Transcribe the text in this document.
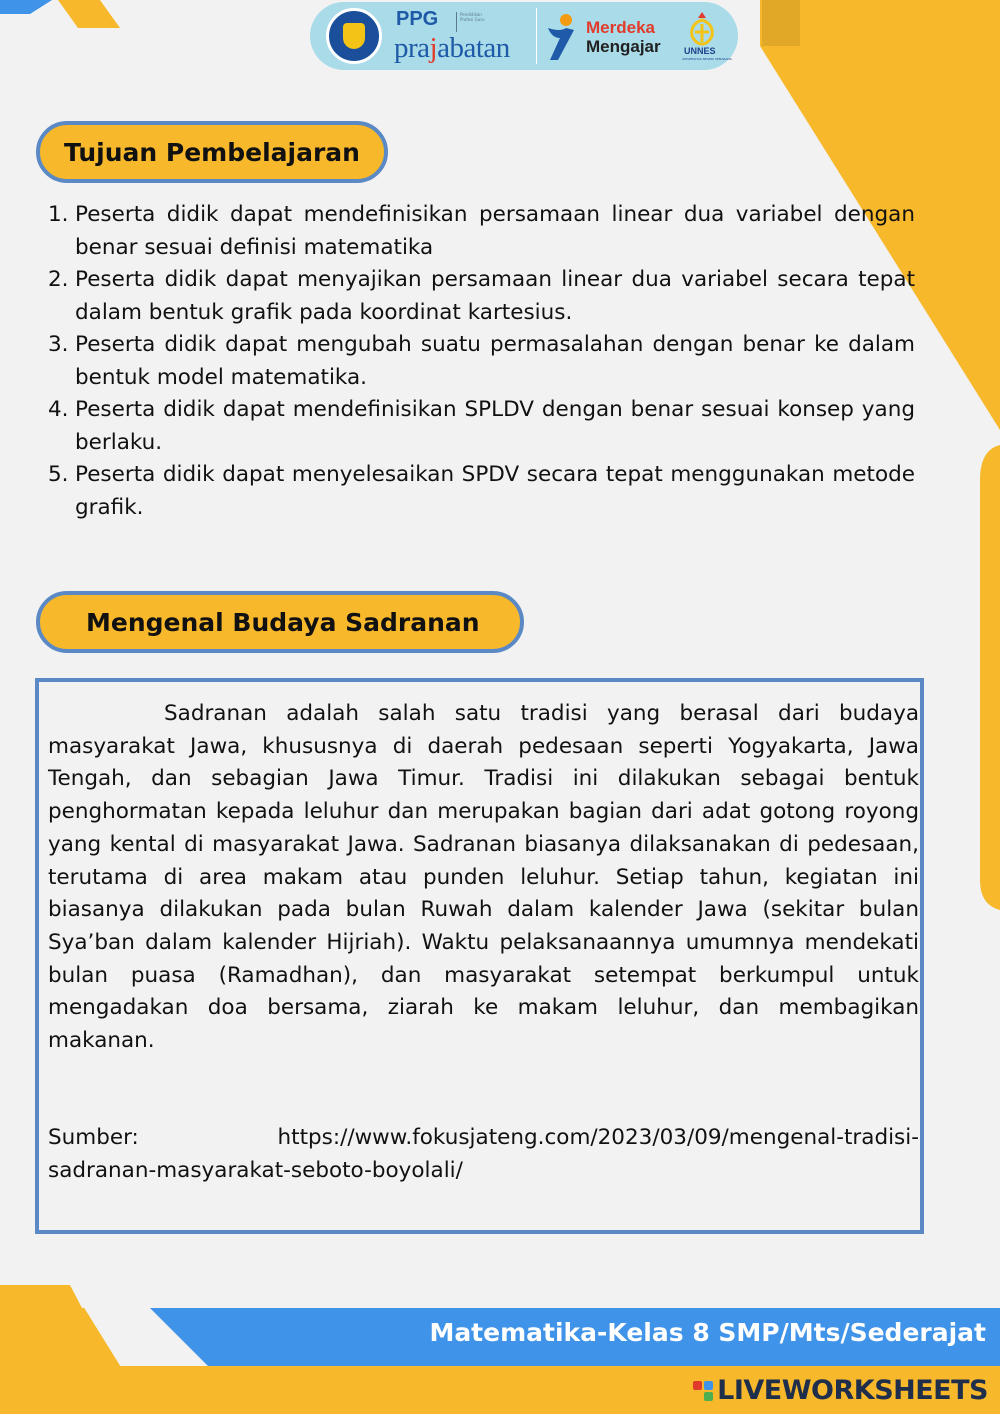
PPG	Pendidikan Profesi Guru
prajabatan
Merdeka
Mengajar	UNNES
UNIVERSITAS NEGERI SEMARANG
Tujuan Pembelajaran
1. Peserta didik dapat mendefinisikan persamaan linear dua variabel dengan benar sesuai definisi matematika
2. Peserta didik dapat menyajikan persamaan linear dua variabel secara tepat dalam bentuk grafik pada koordinat kartesius.
3. Peserta didik dapat mengubah suatu permasalahan dengan benar ke dalam bentuk model matematika.
4. Peserta didik dapat mendefinisikan SPLDV dengan benar sesuai konsep yang berlaku.
5. Peserta didik dapat menyelesaikan SPDV secara tepat menggunakan metode grafik.
Mengenal Budaya Sadranan

Sadranan adalah salah satu tradisi yang berasal dari budaya masyarakat Jawa, khususnya di daerah pedesaan seperti Yogyakarta, Jawa Tengah, dan sebagian Jawa Timur. Tradisi ini dilakukan sebagai bentuk penghormatan kepada leluhur dan merupakan bagian dari adat gotong royong yang kental di masyarakat Jawa. Sadranan biasanya dilaksanakan di pedesaan, terutama di area makam atau punden leluhur. Setiap tahun, kegiatan ini biasanya dilakukan pada bulan Ruwah dalam kalender Jawa (sekitar bulan Sya’ban dalam kalender Hijriah). Waktu pelaksanaannya umumnya mendekati bulan puasa (Ramadhan), dan masyarakat setempat berkumpul untuk mengadakan doa bersama, ziarah ke makam leluhur, dan membagikan makanan.

Sumber:	https://www.fokusjateng.com/2023/03/09/mengenal-tradisi-sadranan-masyarakat-seboto-boyolali/

Matematika-Kelas 8 SMP/Mts/Sederajat
LIVEWORKSHEETS
